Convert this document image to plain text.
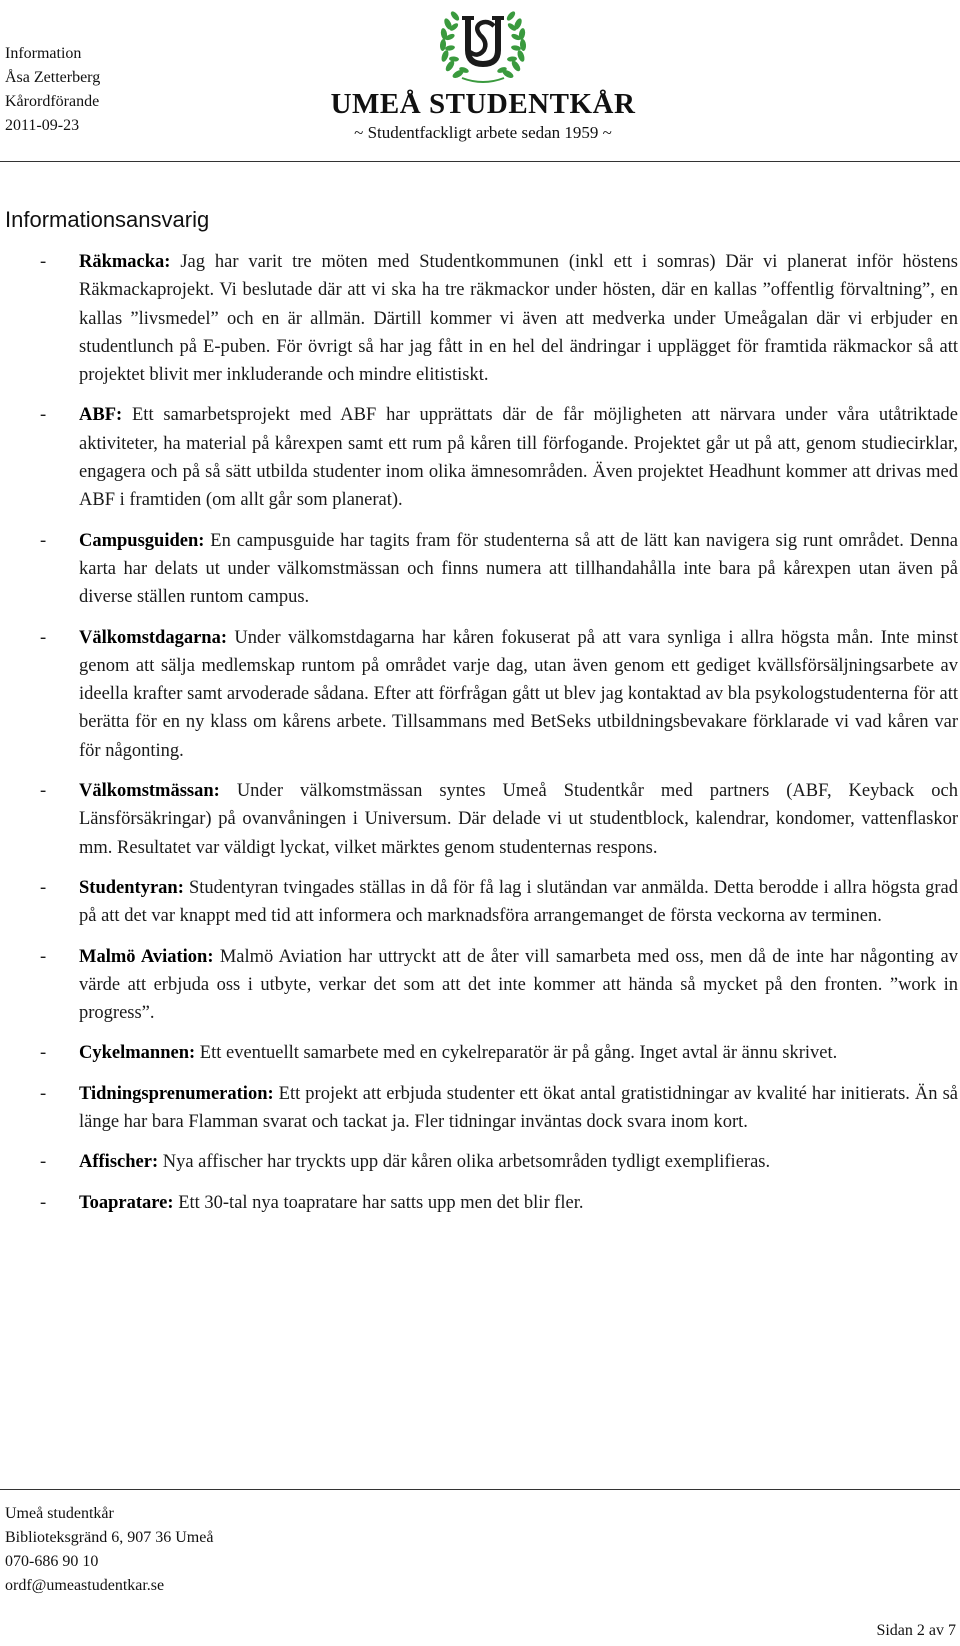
Information
Åsa Zetterberg
Kårordförande
2011-09-23
UMEÅ STUDENTKÅR
~ Studentfackligt arbete sedan 1959 ~
Informationsansvarig
- Räkmacka: Jag har varit tre möten med Studentkommunen (inkl ett i somras) Där vi planerat inför höstens Räkmackaprojekt. Vi beslutade där att vi ska ha tre räkmackor under hösten, där en kallas ”offentlig förvaltning”, en kallas ”livsmedel” och en är allmän. Därtill kommer vi även att medverka under Umeågalan där vi erbjuder en studentlunch på E-puben. För övrigt så har jag fått in en hel del ändringar i upplägget för framtida räkmackor så att projektet blivit mer inkluderande och mindre elitistiskt.
- ABF: Ett samarbetsprojekt med ABF har upprättats där de får möjligheten att närvara under våra utåtriktade aktiviteter, ha material på kårexpen samt ett rum på kåren till förfogande. Projektet går ut på att, genom studiecirklar, engagera och på så sätt utbilda studenter inom olika ämnesområden. Även projektet Headhunt kommer att drivas med ABF i framtiden (om allt går som planerat).
- Campusguiden: En campusguide har tagits fram för studenterna så att de lätt kan navigera sig runt området. Denna karta har delats ut under välkomstmässan och finns numera att tillhandahålla inte bara på kårexpen utan även på diverse ställen runtom campus.
- Välkomstdagarna: Under välkomstdagarna har kåren fokuserat på att vara synliga i allra högsta mån. Inte minst genom att sälja medlemskap runtom på området varje dag, utan även genom ett gediget kvällsförsäljningsarbete av ideella krafter samt arvoderade sådana. Efter att förfrågan gått ut blev jag kontaktad av bla psykologstudenterna för att berätta för en ny klass om kårens arbete. Tillsammans med BetSeks utbildningsbevakare förklarade vi vad kåren var för någonting.
- Välkomstmässan: Under välkomstmässan syntes Umeå Studentkår med partners (ABF, Keyback och Länsförsäkringar) på ovanvåningen i Universum. Där delade vi ut studentblock, kalendrar, kondomer, vattenflaskor mm. Resultatet var väldigt lyckat, vilket märktes genom studenternas respons.
- Studentyran: Studentyran tvingades ställas in då för få lag i slutändan var anmälda. Detta berodde i allra högsta grad på att det var knappt med tid att informera och marknadsföra arrangemanget de första veckorna av terminen.
- Malmö Aviation: Malmö Aviation har uttryckt att de åter vill samarbeta med oss, men då de inte har någonting av värde att erbjuda oss i utbyte, verkar det som att det inte kommer att hända så mycket på den fronten. ”work in progress”.
- Cykelmannen: Ett eventuellt samarbete med en cykelreparatör är på gång. Inget avtal är ännu skrivet.
- Tidningsprenumeration: Ett projekt att erbjuda studenter ett ökat antal gratistidningar av kvalité har initierats. Än så länge har bara Flamman svarat och tackat ja. Fler tidningar inväntas dock svara inom kort.
- Affischer: Nya affischer har tryckts upp där kåren olika arbetsområden tydligt exemplifieras.
- Toapratare: Ett 30-tal nya toapratare har satts upp men det blir fler.
Umeå studentkår
Biblioteksgränd 6, 907 36 Umeå
070-686 90 10
ordf@umeastudentkar.se
Sidan 2 av 7
